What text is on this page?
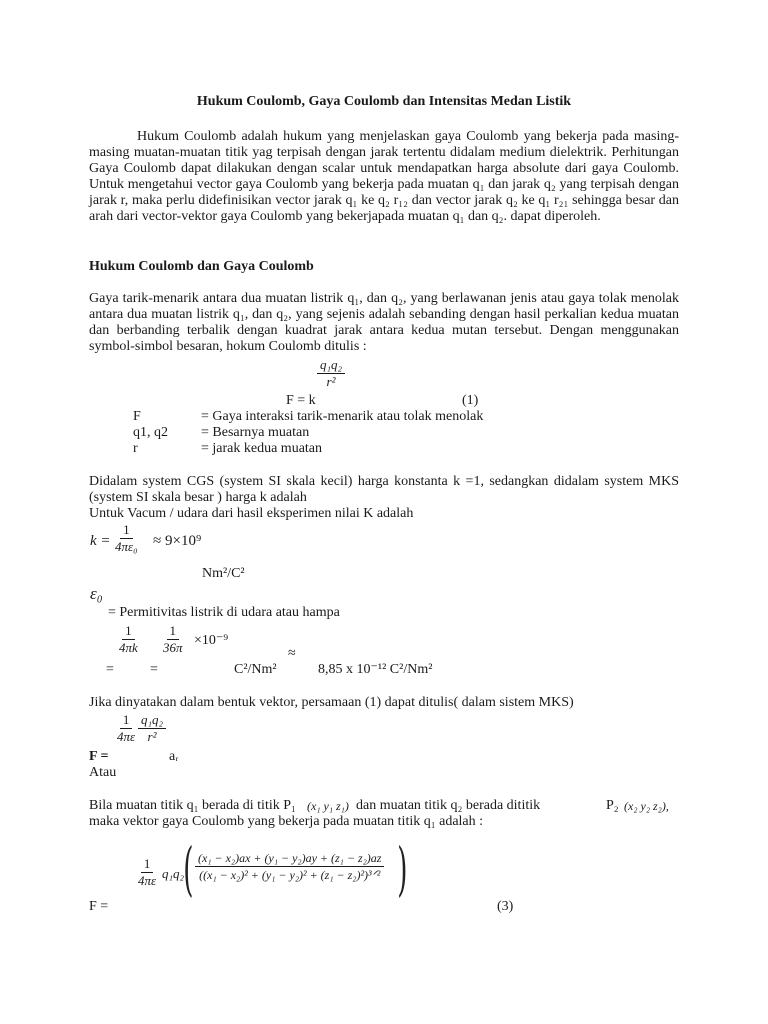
Hukum Coulomb, Gaya Coulomb dan Intensitas Medan Listik
Hukum Coulomb adalah hukum yang menjelaskan gaya Coulomb yang bekerja pada masing-masing muatan-muatan titik yag terpisah dengan jarak tertentu didalam medium dielektrik. Perhitungan Gaya Coulomb dapat dilakukan dengan scalar untuk mendapatkan harga absolute dari gaya Coulomb. Untuk mengetahui vector gaya Coulomb yang bekerja pada muatan q₁ dan jarak q₂ yang terpisah dengan jarak r, maka perlu didefinisikan vector jarak q₁ ke q₂ r₁₂ dan vector jarak q₂ ke q₁ r₂₁ sehingga besar dan arah dari vector-vektor gaya Coulomb yang bekerjapada muatan q₁ dan q₂. dapat diperoleh.
Hukum Coulomb dan Gaya Coulomb
Gaya tarik-menarik antara dua muatan listrik q₁, dan q₂, yang berlawanan jenis atau gaya tolak menolak antara dua muatan listrik q₁, dan q₂, yang sejenis adalah sebanding dengan hasil perkalian kedua muatan dan berbanding terbalik dengan kuadrat jarak antara kedua mutan tersebut. Dengan menggunakan symbol-simbol besaran, hokum Coulomb ditulis :
$\frac{\text{q₁q₂}}{\text{r²}}$
F = k	(1)
F	= Gaya interaksi tarik-menarik atau tolak menolak
q1, q2 = Besarnya muatan
r	= jarak kedua muatan
Didalam system CGS (system SI skala kecil) harga konstanta k =1, sedangkan didalam system MKS (system SI skala besar ) harga k adalah
Untuk Vacum / udara dari hasil eksperimen nilai K adalah
$k = \frac{1}{\text{4πε₀}} \approx 9\times 10^9$
Nm²/C²
ε₀
= Permitivitas listrik di udara atau hampa
$\frac{1}{4\pi k} \frac{1}{36\pi} \times 10^{-9}$
=	=	C²/Nm²
≈
8,85 x 10⁻¹² C²/Nm²
Jika dinyatakan dalam bentuk vektor, persamaan (1) dapat ditulis( dalam sistem MKS)
$\frac{1}{4\pi\varepsilon} \frac{\text{q₁q₂}}{\text{r²}}$
F =	aᵣ
Atau
Bila muatan titik q₁ berada di titik P₁ (x₁ y₁ z₁) dan muatan titik q₂ berada dititik	P₂ (x₂ y₂ z₂),
maka vektor gaya Coulomb yang bekerja pada muatan titik q₁ adalah :
$\frac{1}{4\pi\varepsilon} q_1q_2$ ( (x₁ − x₂)ax + (y₁ − y₂)ay + (z₁ − z₂)az
((x₁ − x₂)² + (y₁ − y₂)² + (z₁ − z₂)²)³ᐟ² )
F =	(3)
